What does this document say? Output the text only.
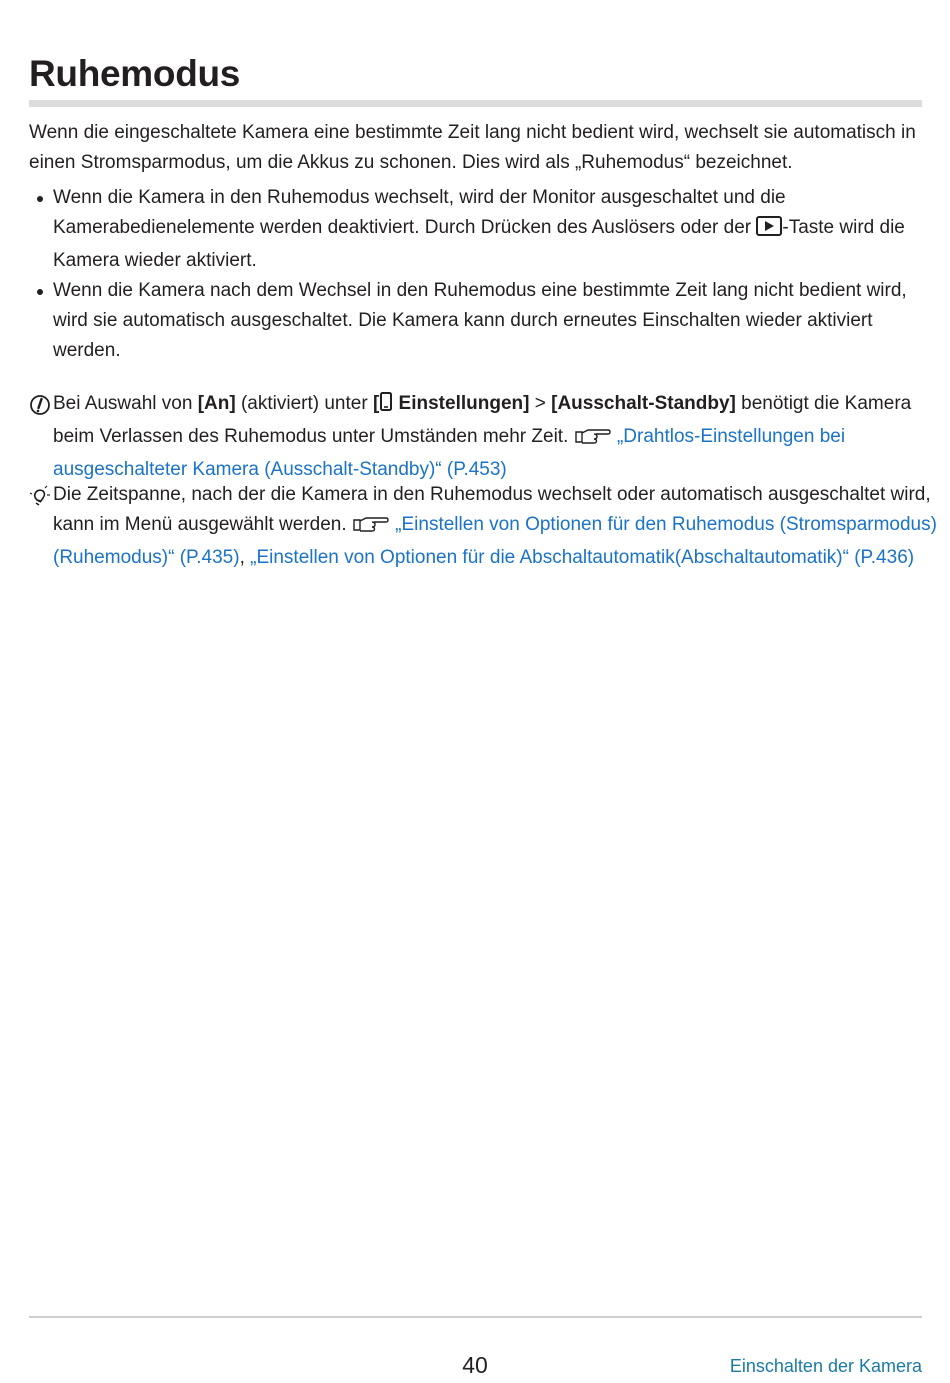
Ruhemodus

Wenn die eingeschaltete Kamera eine bestimmte Zeit lang nicht bedient wird, wechselt sie automatisch in einen Stromsparmodus, um die Akkus zu schonen. Dies wird als „Ruhemodus“ bezeichnet.

Wenn die Kamera in den Ruhemodus wechselt, wird der Monitor ausgeschaltet und die Kamerabedienelemente werden deaktiviert. Durch Drücken des Auslösers oder der -Taste wird die Kamera wieder aktiviert.
Wenn die Kamera nach dem Wechsel in den Ruhemodus eine bestimmte Zeit lang nicht bedient wird, wird sie automatisch ausgeschaltet. Die Kamera kann durch erneutes Einschalten wieder aktiviert werden.
Bei Auswahl von [An] (aktiviert) unter [ Einstellungen] > [Ausschalt-Standby] benötigt die Kamera beim Verlassen des Ruhemodus unter Umständen mehr Zeit.  „Drahtlos-Einstellungen bei ausgeschalteter Kamera (Ausschalt-Standby)“ (P.453)
Die Zeitspanne, nach der die Kamera in den Ruhemodus wechselt oder automatisch ausgeschaltet wird, kann im Menü ausgewählt werden.  „Einstellen von Optionen für den Ruhemodus (Stromsparmodus)(Ruhemodus)“ (P.435), „Einstellen von Optionen für die Abschaltautomatik(Abschaltautomatik)“ (P.436)
40	Einschalten der Kamera
